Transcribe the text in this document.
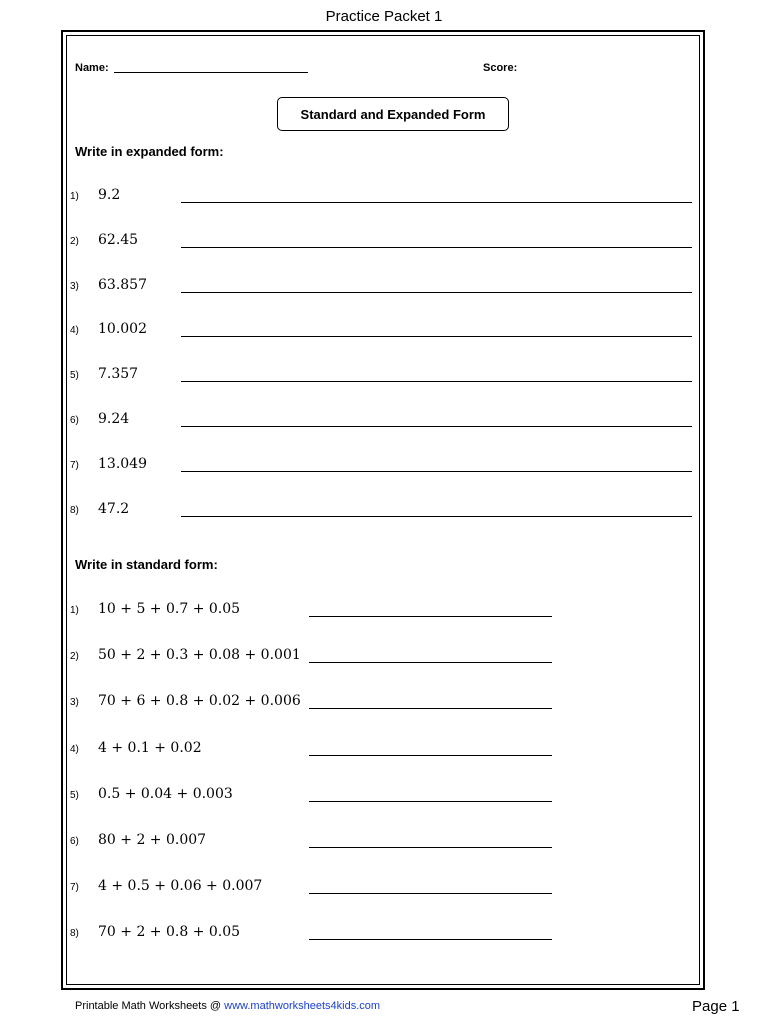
Practice Packet 1
Name:	Score:
Standard and Expanded Form
Write in expanded form:
1) 9.2
2) 62.45
3) 63.857
4) 10.002
5) 7.357
6) 9.24
7) 13.049
8) 47.2
Write in standard form:
1) 10 + 5 + 0.7 + 0.05
2) 50 + 2 + 0.3 + 0.08 + 0.001
3) 70 + 6 + 0.8 + 0.02 + 0.006
4) 4 + 0.1 + 0.02
5) 0.5 + 0.04 + 0.003
6) 80 + 2 + 0.007
7) 4 + 0.5 + 0.06 + 0.007
8) 70 + 2 + 0.8 + 0.05
Printable Math Worksheets @ www.mathworksheets4kids.com	Page 1
